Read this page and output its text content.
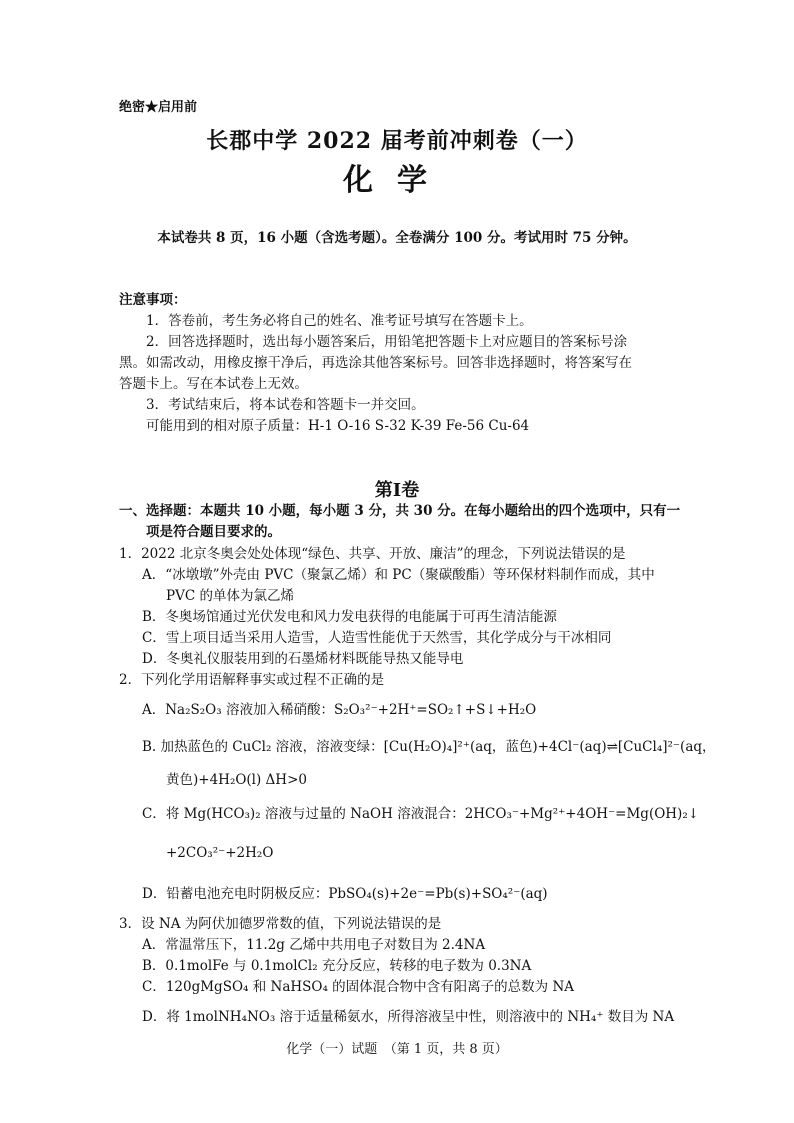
绝密★启用前
长郡中学 2022 届考前冲刺卷（一）
化学
本试卷共 8 页，16 小题（含选考题）。全卷满分 100 分。考试用时 75 分钟。
注意事项：
1．答卷前，考生务必将自己的姓名、准考证号填写在答题卡上。
2．回答选择题时，选出每小题答案后，用铅笔把答题卡上对应题目的答案标号涂
黑。如需改动，用橡皮擦干净后，再选涂其他答案标号。回答非选择题时，将答案写在
答题卡上。写在本试卷上无效。
3．考试结束后，将本试卷和答题卡一并交回。
可能用到的相对原子质量：H-1 O-16 S-32 K-39 Fe-56 Cu-64
第Ⅰ卷
一、选择题：本题共 10 小题，每小题 3 分，共 30 分。在每小题给出的四个选项中，只有一
项是符合题目要求的。
1．2022 北京冬奥会处处体现“绿色、共享、开放、廉洁”的理念，下列说法错误的是
A．“冰墩墩”外壳由 PVC（聚氯乙烯）和 PC（聚碳酸酯）等环保材料制作而成，其中
PVC 的单体为氯乙烯
B．冬奥场馆通过光伏发电和风力发电获得的电能属于可再生清洁能源
C．雪上项目适当采用人造雪，人造雪性能优于天然雪，其化学成分与干冰相同
D．冬奥礼仪服装用到的石墨烯材料既能导热又能导电
2．下列化学用语解释事实或过程不正确的是
A．Na₂S₂O₃ 溶液加入稀硝酸：S₂O₃²⁻+2H⁺=SO₂↑+S↓+H₂O
B. 加热蓝色的 CuCl₂ 溶液，溶液变绿：[Cu(H₂O)₄]²⁺(aq，蓝色)+4Cl⁻(aq)⇌[CuCl₄]²⁻(aq，
黄色)+4H₂O(l) ΔH>0
C．将 Mg(HCO₃)₂ 溶液与过量的 NaOH 溶液混合：2HCO₃⁻+Mg²⁺+4OH⁻=Mg(OH)₂↓
+2CO₃²⁻+2H₂O
D．铅蓄电池充电时阴极反应：PbSO₄(s)+2e⁻=Pb(s)+SO₄²⁻(aq)
3．设 NA 为阿伏加德罗常数的值，下列说法错误的是
A．常温常压下，11.2g 乙烯中共用电子对数目为 2.4NA
B．0.1molFe 与 0.1molCl₂ 充分反应，转移的电子数为 0.3NA
C．120gMgSO₄ 和 NaHSO₄ 的固体混合物中含有阳离子的总数为 NA
D．将 1molNH₄NO₃ 溶于适量稀氨水，所得溶液呈中性，则溶液中的 NH₄⁺ 数目为 NA
化学（一）试题　（第 1 页，共 8 页）
